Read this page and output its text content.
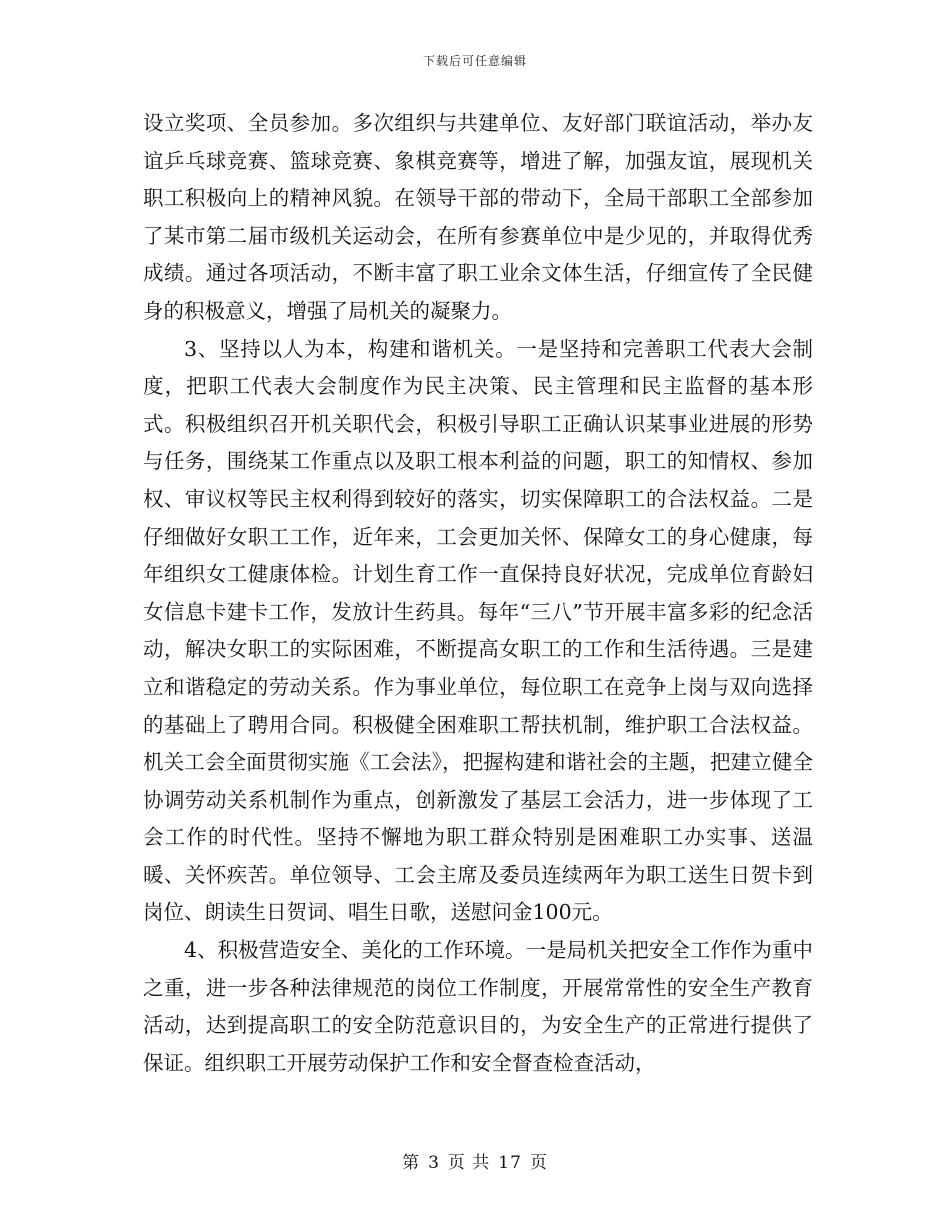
下载后可任意编辑

设立奖项、全员参加。多次组织与共建单位、友好部门联谊活动，举办友谊乒乓球竞赛、篮球竞赛、象棋竞赛等，增进了解，加强友谊，展现机关职工积极向上的精神风貌。在领导干部的带动下，全局干部职工全部参加了某市第二届市级机关运动会，在所有参赛单位中是少见的，并取得优秀成绩。通过各项活动，不断丰富了职工业余文体生活，仔细宣传了全民健身的积极意义，增强了局机关的凝聚力。

3、坚持以人为本，构建和谐机关。一是坚持和完善职工代表大会制度，把职工代表大会制度作为民主决策、民主管理和民主监督的基本形式。积极组织召开机关职代会，积极引导职工正确认识某事业进展的形势与任务，围绕某工作重点以及职工根本利益的问题，职工的知情权、参加权、审议权等民主权利得到较好的落实，切实保障职工的合法权益。二是仔细做好女职工工作，近年来，工会更加关怀、保障女工的身心健康，每年组织女工健康体检。计划生育工作一直保持良好状况，完成单位育龄妇女信息卡建卡工作，发放计生药具。每年“三八”节开展丰富多彩的纪念活动，解决女职工的实际困难，不断提高女职工的工作和生活待遇。三是建立和谐稳定的劳动关系。作为事业单位，每位职工在竞争上岗与双向选择的基础上了聘用合同。积极健全困难职工帮扶机制，维护职工合法权益。机关工会全面贯彻实施《工会法》，把握构建和谐社会的主题，把建立健全协调劳动关系机制作为重点，创新激发了基层工会活力，进一步体现了工会工作的时代性。坚持不懈地为职工群众特别是困难职工办实事、送温暖、关怀疾苦。单位领导、工会主席及委员连续两年为职工送生日贺卡到岗位、朗读生日贺词、唱生日歌，送慰问金100元。

4、积极营造安全、美化的工作环境。一是局机关把安全工作作为重中之重，进一步各种法律规范的岗位工作制度，开展常常性的安全生产教育活动，达到提高职工的安全防范意识目的，为安全生产的正常进行提供了保证。组织职工开展劳动保护工作和安全督查检查活动，

第 3 页 共 17 页
